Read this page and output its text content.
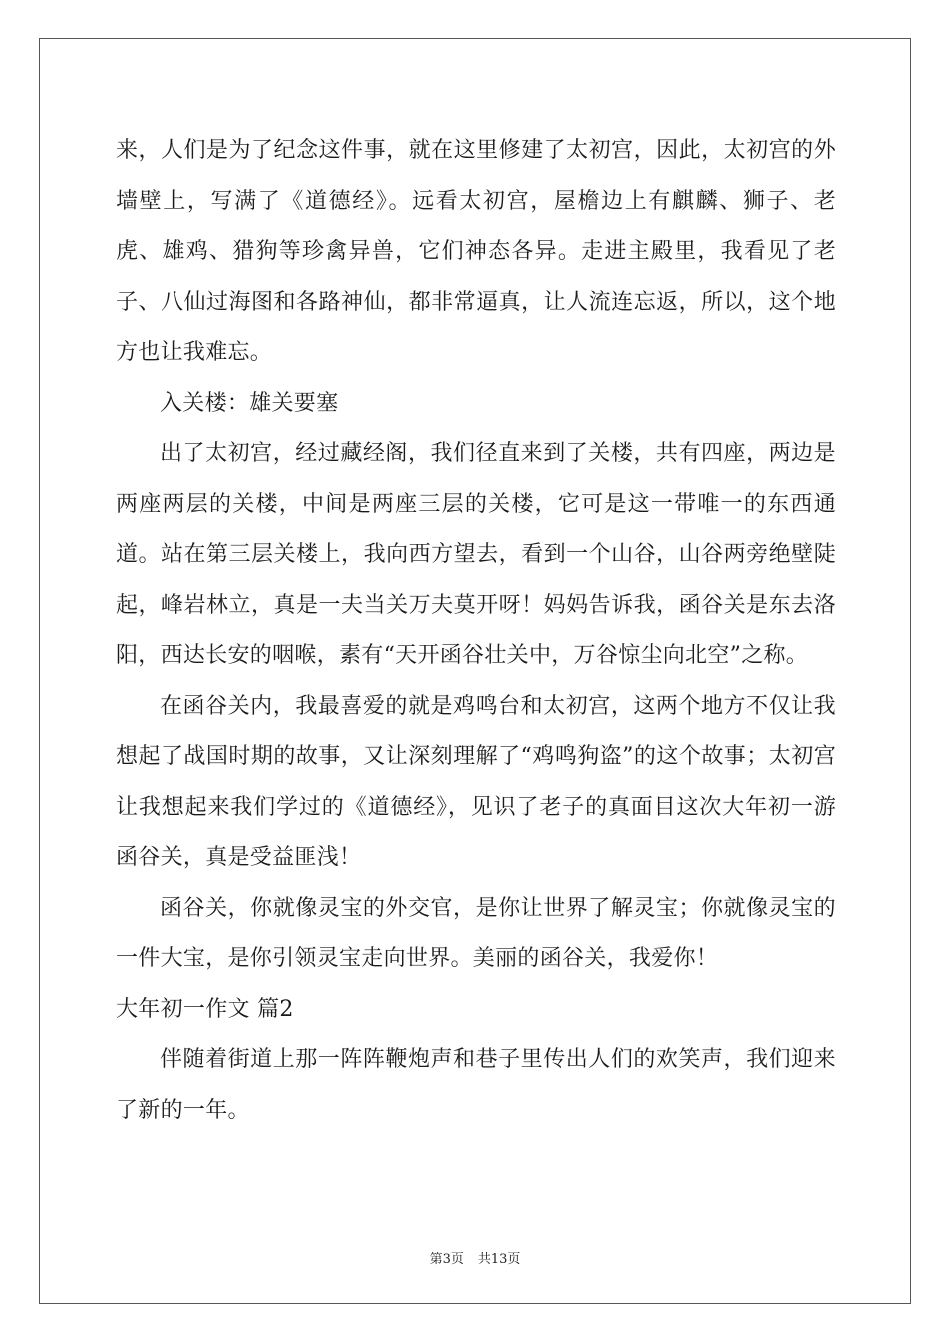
来，人们是为了纪念这件事，就在这里修建了太初宫，因此，太初宫的外墙壁上，写满了《道德经》。远看太初宫，屋檐边上有麒麟、狮子、老虎、雄鸡、猎狗等珍禽异兽，它们神态各异。走进主殿里，我看见了老子、八仙过海图和各路神仙，都非常逼真，让人流连忘返，所以，这个地方也让我难忘。

入关楼：雄关要塞

出了太初宫，经过藏经阁，我们径直来到了关楼，共有四座，两边是两座两层的关楼，中间是两座三层的关楼，它可是这一带唯一的东西通道。站在第三层关楼上，我向西方望去，看到一个山谷，山谷两旁绝壁陡起，峰岩林立，真是一夫当关万夫莫开呀！妈妈告诉我，函谷关是东去洛阳，西达长安的咽喉，素有“天开函谷壮关中，万谷惊尘向北空”之称。

在函谷关内，我最喜爱的就是鸡鸣台和太初宫，这两个地方不仅让我想起了战国时期的故事，又让深刻理解了“鸡鸣狗盗”的这个故事；太初宫让我想起来我们学过的《道德经》，见识了老子的真面目这次大年初一游函谷关，真是受益匪浅！

函谷关，你就像灵宝的外交官，是你让世界了解灵宝；你就像灵宝的一件大宝，是你引领灵宝走向世界。美丽的函谷关，我爱你！

大年初一作文 篇2

伴随着街道上那一阵阵鞭炮声和巷子里传出人们的欢笑声，我们迎来了新的一年。

第3页 共13页
